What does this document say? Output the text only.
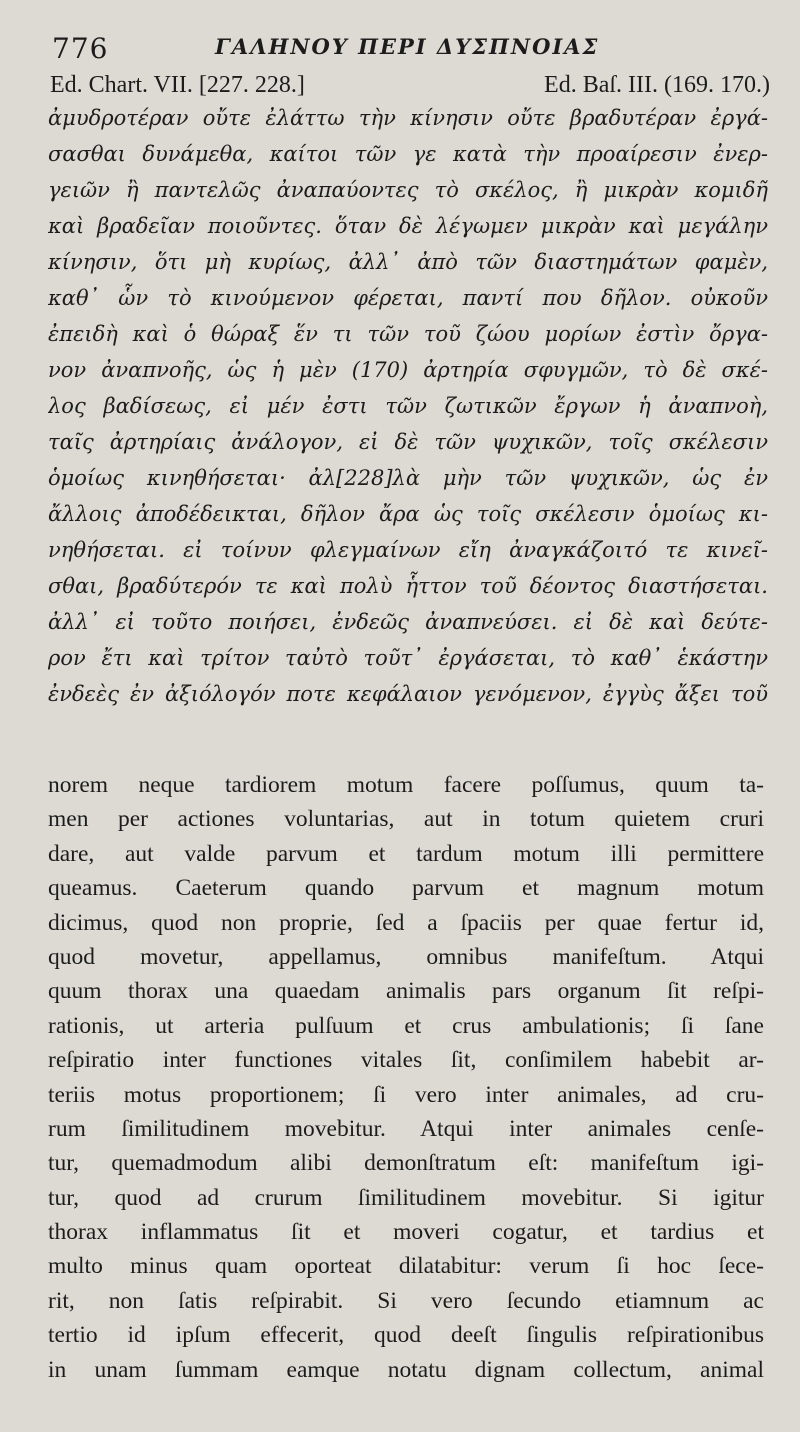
776	ΓΑΛΗΝΟΥ ΠΕΡΙ ΔΥΣΠΝΟΙΑΣ
Ed. Chart. VII. [227. 228.]	Ed. Baſ. III. (169. 170.)
ἀμυδροτέραν οὔτε ἐλάττω τὴν κίνησιν οὔτε βραδυτέραν ἐργά-
σασθαι δυνάμεθα, καίτοι τῶν γε κατὰ τὴν προαίρεσιν ἐνερ-
γειῶν ἢ παντελῶς ἀναπαύοντες τὸ σκέλος, ἢ μικρὰν κομιδῆ
καὶ βραδεῖαν ποιοῦντες. ὅταν δὲ λέγωμεν μικρὰν καὶ μεγάλην
κίνησιν, ὅτι μὴ κυρίως, ἀλλ᾽ ἀπὸ τῶν διαστημάτων φαμὲν,
καθ᾽ ὧν τὸ κινούμενον φέρεται, παντί που δῆλον. οὐκοῦν
ἐπειδὴ καὶ ὁ θώραξ ἕν τι τῶν τοῦ ζώου μορίων ἐστὶν ὄργα-
νον ἀναπνοῆς, ὡς ἡ μὲν (170) ἀρτηρία σφυγμῶν, τὸ δὲ σκέ-
λος βαδίσεως, εἰ μέν ἐστι τῶν ζωτικῶν ἔργων ἡ ἀναπνοὴ,
ταῖς ἀρτηρίαις ἀνάλογον, εἰ δὲ τῶν ψυχικῶν, τοῖς σκέλεσιν
ὁμοίως κινηθήσεται· ἀλ[228]λὰ μὴν τῶν ψυχικῶν, ὡς ἐν
ἄλλοις ἀποδέδεικται, δῆλον ἄρα ὡς τοῖς σκέλεσιν ὁμοίως κι-
νηθήσεται. εἰ τοίνυν φλεγμαίνων εἴη ἀναγκάζοιτό τε κινεῖ-
σθαι, βραδύτερόν τε καὶ πολὺ ἧττον τοῦ δέοντος διαστήσεται.
ἀλλ᾽ εἰ τοῦτο ποιήσει, ἐνδεῶς ἀναπνεύσει. εἰ δὲ καὶ δεύτε-
ρον ἔτι καὶ τρίτον ταὐτὸ τοῦτ᾽ ἐργάσεται, τὸ καθ᾽ ἑκάστην
ἐνδεὲς ἐν ἀξιόλογόν ποτε κεφάλαιον γενόμενον, ἐγγὺς ἄξει τοῦ
norem neque tardiorem motum facere poſſumus, quum ta-
men per actiones voluntarias, aut in totum quietem cruri
dare, aut valde parvum et tardum motum illi permittere
queamus. Caeterum quando parvum et magnum motum
dicimus, quod non proprie, ſed a ſpaciis per quae fertur id,
quod movetur, appellamus, omnibus manifeſtum. Atqui
quum thorax una quaedam animalis pars organum ſit reſpi-
rationis, ut arteria pulſuum et crus ambulationis; ſi ſane
reſpiratio inter functiones vitales ſit, conſimilem habebit ar-
teriis motus proportionem; ſi vero inter animales, ad cru-
rum ſimilitudinem movebitur. Atqui inter animales cenſe-
tur, quemadmodum alibi demonſtratum eſt: manifeſtum igi-
tur, quod ad crurum ſimilitudinem movebitur. Si igitur
thorax inflammatus ſit et moveri cogatur, et tardius et
multo minus quam oporteat dilatabitur: verum ſi hoc ſece-
rit, non ſatis reſpirabit. Si vero ſecundo etiamnum ac
tertio id ipſum effecerit, quod deeſt ſingulis reſpirationibus
in unam ſummam eamque notatu dignam collectum, animal
